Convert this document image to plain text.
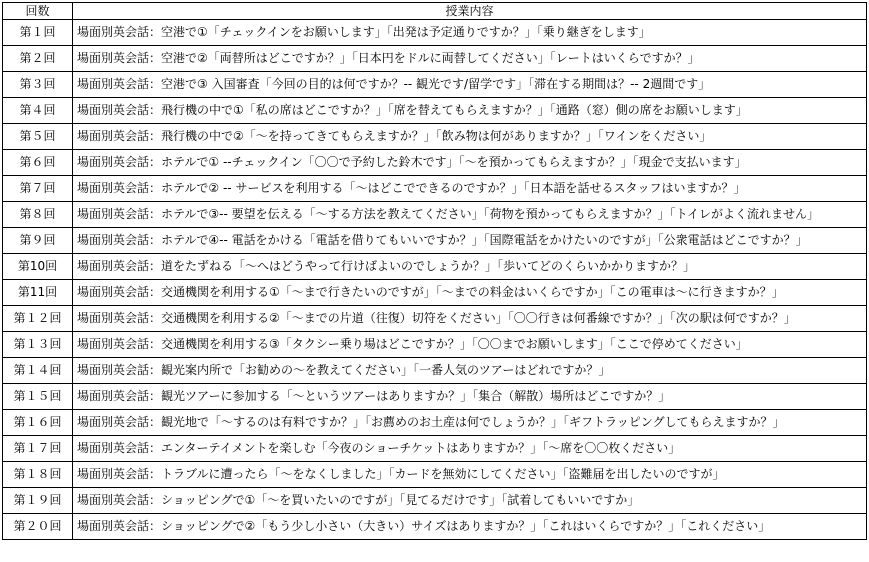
回数	授業内容
第１回	場面別英会話：空港で①「チェックインをお願いします」「出発は予定通りですか？」「乗り継ぎをします」
第２回	場面別英会話：空港で②「両替所はどこですか？」「日本円をドルに両替してください」「レートはいくらですか？」
第３回	場面別英会話：空港で③ 入国審査「今回の目的は何ですか？-- 観光です/留学です」「滞在する期間は？-- 2週間です」
第４回	場面別英会話：飛行機の中で①「私の席はどこですか？」「席を替えてもらえますか？」「通路（窓）側の席をお願いします」
第５回	場面別英会話：飛行機の中で②「～を持ってきてもらえますか？」「飲み物は何がありますか？」「ワインをください」
第６回	場面別英会話：ホテルで① --チェックイン「〇〇で予約した鈴木です」「～を預かってもらえますか？」「現金で支払います」
第７回	場面別英会話：ホテルで② -- サービスを利用する「～はどこでできるのですか？」「日本語を話せるスタッフはいますか？」
第８回	場面別英会話：ホテルで③-- 要望を伝える「～する方法を教えてください」「荷物を預かってもらえますか？」「トイレがよく流れません」
第９回	場面別英会話：ホテルで④-- 電話をかける「電話を借りてもいいですか？」「国際電話をかけたいのですが」「公衆電話はどこですか？」
第10回	場面別英会話：道をたずねる「～へはどうやって行けばよいのでしょうか？」「歩いてどのくらいかかりますか？」
第11回	場面別英会話：交通機関を利用する①「～まで行きたいのですが」「～までの料金はいくらですか」「この電車は～に行きますか？」
第１２回	場面別英会話：交通機関を利用する②「～までの片道（往復）切符をください」「〇〇行きは何番線ですか？」「次の駅は何ですか？」
第１３回	場面別英会話：交通機関を利用する③「タクシー乗り場はどこですか？」「〇〇までお願いします」「ここで停めてください」
第１４回	場面別英会話：観光案内所で「お勧めの～を教えてください」「一番人気のツアーはどれですか？」
第１５回	場面別英会話：観光ツアーに参加する「～というツアーはありますか？」「集合（解散）場所はどこですか？」
第１６回	場面別英会話：観光地で「～するのは有料ですか？」「お薦めのお土産は何でしょうか？」「ギフトラッピングしてもらえますか？」
第１７回	場面別英会話：エンターテイメントを楽しむ「今夜のショーチケットはありますか？」「～席を〇〇枚ください」
第１８回	場面別英会話：トラブルに遭ったら「～をなくしました」「カードを無効にしてください」「盗難届を出したいのですが」
第１９回	場面別英会話：ショッピングで①「～を買いたいのですが」「見てるだけです」「試着してもいいですか」
第２０回	場面別英会話：ショッピングで②「もう少し小さい（大きい）サイズはありますか？」「これはいくらですか？」「これください」
